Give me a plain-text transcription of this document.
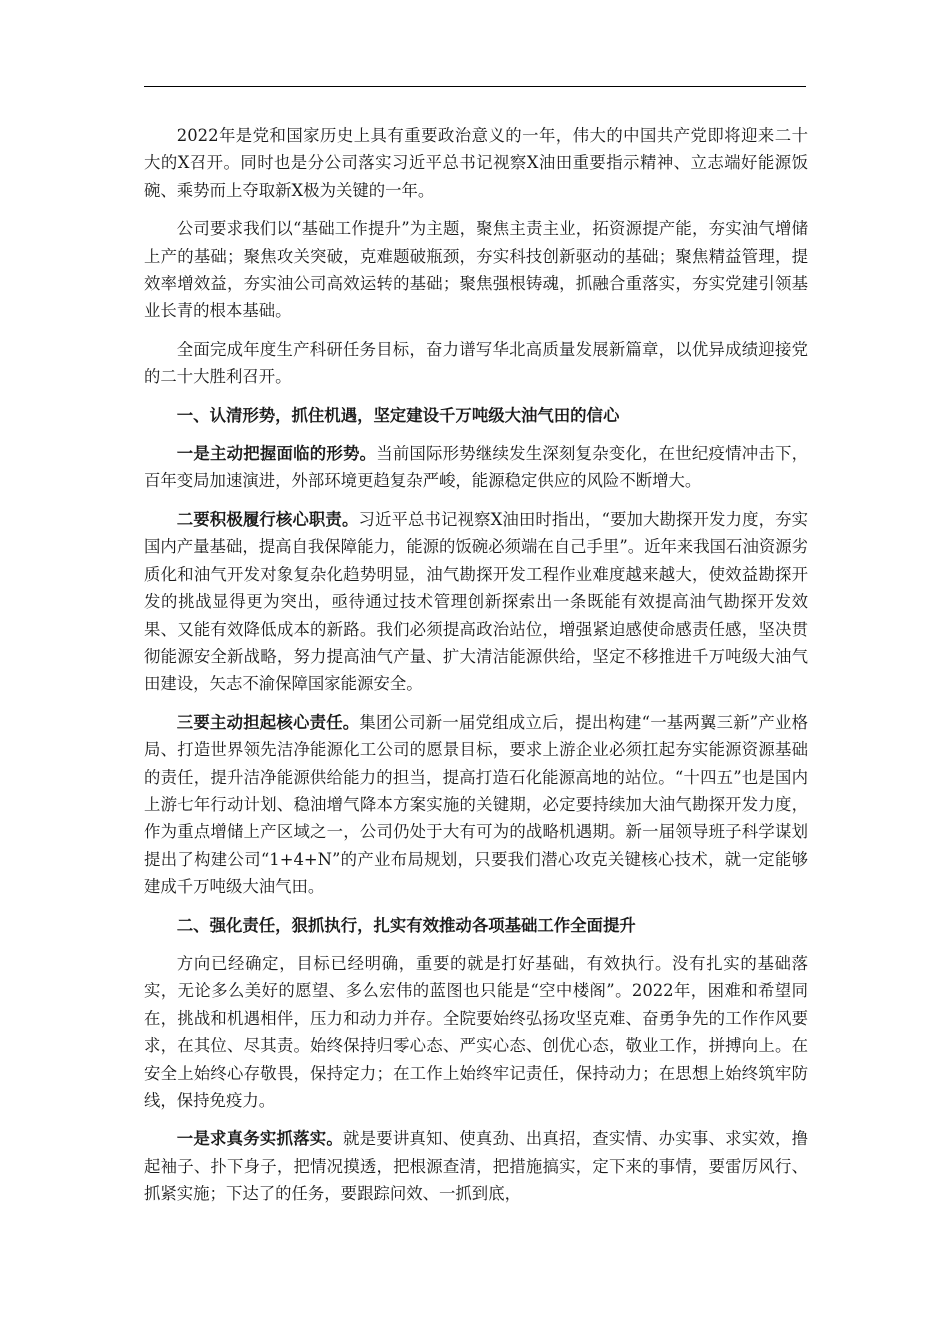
2022年是党和国家历史上具有重要政治意义的一年，伟大的中国共产党即将迎来二十大的X召开。同时也是分公司落实习近平总书记视察X油田重要指示精神、立志端好能源饭碗、乘势而上夺取新X极为关键的一年。

公司要求我们以“基础工作提升”为主题，聚焦主责主业，拓资源提产能，夯实油气增储上产的基础；聚焦攻关突破，克难题破瓶颈，夯实科技创新驱动的基础；聚焦精益管理，提效率增效益，夯实油公司高效运转的基础；聚焦强根铸魂，抓融合重落实，夯实党建引领基业长青的根本基础。

全面完成年度生产科研任务目标，奋力谱写华北高质量发展新篇章，以优异成绩迎接党的二十大胜利召开。

一、认清形势，抓住机遇，坚定建设千万吨级大油气田的信心

一是主动把握面临的形势。当前国际形势继续发生深刻复杂变化，在世纪疫情冲击下，百年变局加速演进，外部环境更趋复杂严峻，能源稳定供应的风险不断增大。

二要积极履行核心职责。习近平总书记视察X油田时指出，“要加大勘探开发力度，夯实国内产量基础，提高自我保障能力，能源的饭碗必须端在自己手里”。近年来我国石油资源劣质化和油气开发对象复杂化趋势明显，油气勘探开发工程作业难度越来越大，使效益勘探开发的挑战显得更为突出，亟待通过技术管理创新探索出一条既能有效提高油气勘探开发效果、又能有效降低成本的新路。我们必须提高政治站位，增强紧迫感使命感责任感，坚决贯彻能源安全新战略，努力提高油气产量、扩大清洁能源供给，坚定不移推进千万吨级大油气田建设，矢志不渝保障国家能源安全。

三要主动担起核心责任。集团公司新一届党组成立后，提出构建“一基两翼三新”产业格局、打造世界领先洁净能源化工公司的愿景目标，要求上游企业必须扛起夯实能源资源基础的责任，提升洁净能源供给能力的担当，提高打造石化能源高地的站位。“十四五”也是国内上游七年行动计划、稳油增气降本方案实施的关键期，必定要持续加大油气勘探开发力度，作为重点增储上产区域之一，公司仍处于大有可为的战略机遇期。新一届领导班子科学谋划提出了构建公司“1+4+N”的产业布局规划，只要我们潜心攻克关键核心技术，就一定能够建成千万吨级大油气田。

二、强化责任，狠抓执行，扎实有效推动各项基础工作全面提升

方向已经确定，目标已经明确，重要的就是打好基础，有效执行。没有扎实的基础落实，无论多么美好的愿望、多么宏伟的蓝图也只能是“空中楼阁”。2022年，困难和希望同在，挑战和机遇相伴，压力和动力并存。全院要始终弘扬攻坚克难、奋勇争先的工作作风要求，在其位、尽其责。始终保持归零心态、严实心态、创优心态，敬业工作，拼搏向上。在安全上始终心存敬畏，保持定力；在工作上始终牢记责任，保持动力；在思想上始终筑牢防线，保持免疫力。

一是求真务实抓落实。就是要讲真知、使真劲、出真招，查实情、办实事、求实效，撸起袖子、扑下身子，把情况摸透，把根源查清，把措施搞实，定下来的事情，要雷厉风行、抓紧实施；下达了的任务，要跟踪问效、一抓到底，
